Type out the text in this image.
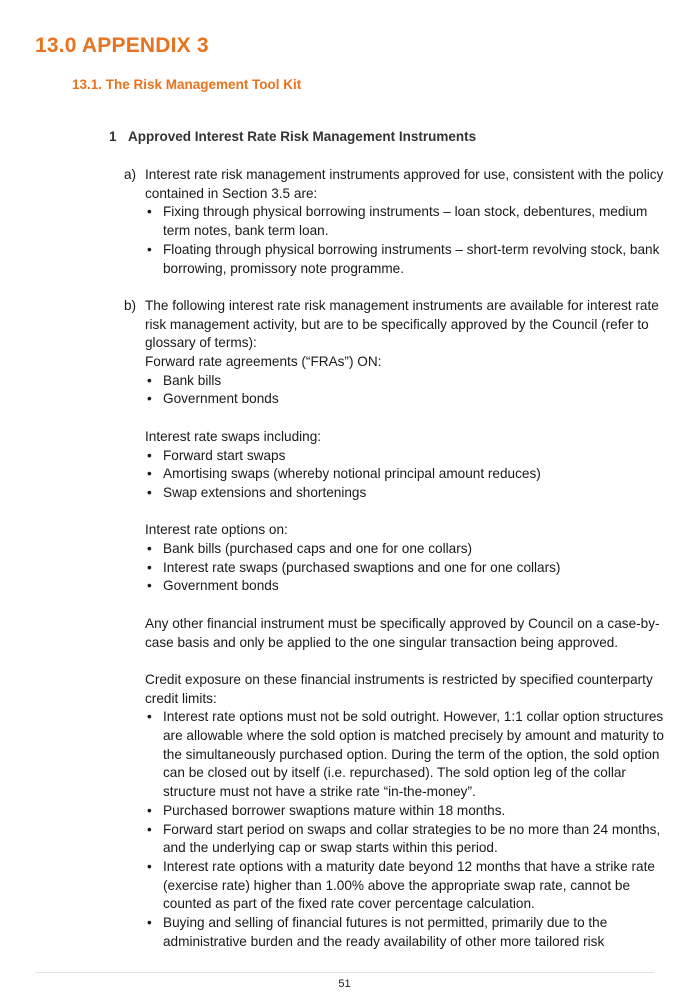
13.0 APPENDIX 3
13.1. The Risk Management Tool Kit
1 Approved Interest Rate Risk Management Instruments
a) Interest rate risk management instruments approved for use, consistent with the policy contained in Section 3.5 are:

• Fixing through physical borrowing instruments – loan stock, debentures, medium term notes, bank term loan.
• Floating through physical borrowing instruments – short-term revolving stock, bank borrowing, promissory note programme.
b) The following interest rate risk management instruments are available for interest rate risk management activity, but are to be specifically approved by the Council (refer to glossary of terms):

Forward rate agreements (“FRAs”) ON:

• Bank bills
• Government bonds

Interest rate swaps including:

• Forward start swaps
• Amortising swaps (whereby notional principal amount reduces)
• Swap extensions and shortenings

Interest rate options on:

• Bank bills (purchased caps and one for one collars)
• Interest rate swaps (purchased swaptions and one for one collars)
• Government bonds

Any other financial instrument must be specifically approved by Council on a case-by-case basis and only be applied to the one singular transaction being approved.

Credit exposure on these financial instruments is restricted by specified counterparty credit limits:

• Interest rate options must not be sold outright. However, 1:1 collar option structures are allowable where the sold option is matched precisely by amount and maturity to the simultaneously purchased option. During the term of the option, the sold option can be closed out by itself (i.e. repurchased). The sold option leg of the collar structure must not have a strike rate “in-the-money”.
• Purchased borrower swaptions mature within 18 months.
• Forward start period on swaps and collar strategies to be no more than 24 months, and the underlying cap or swap starts within this period.
• Interest rate options with a maturity date beyond 12 months that have a strike rate (exercise rate) higher than 1.00% above the appropriate swap rate, cannot be counted as part of the fixed rate cover percentage calculation.
• Buying and selling of financial futures is not permitted, primarily due to the administrative burden and the ready availability of other more tailored risk
51
